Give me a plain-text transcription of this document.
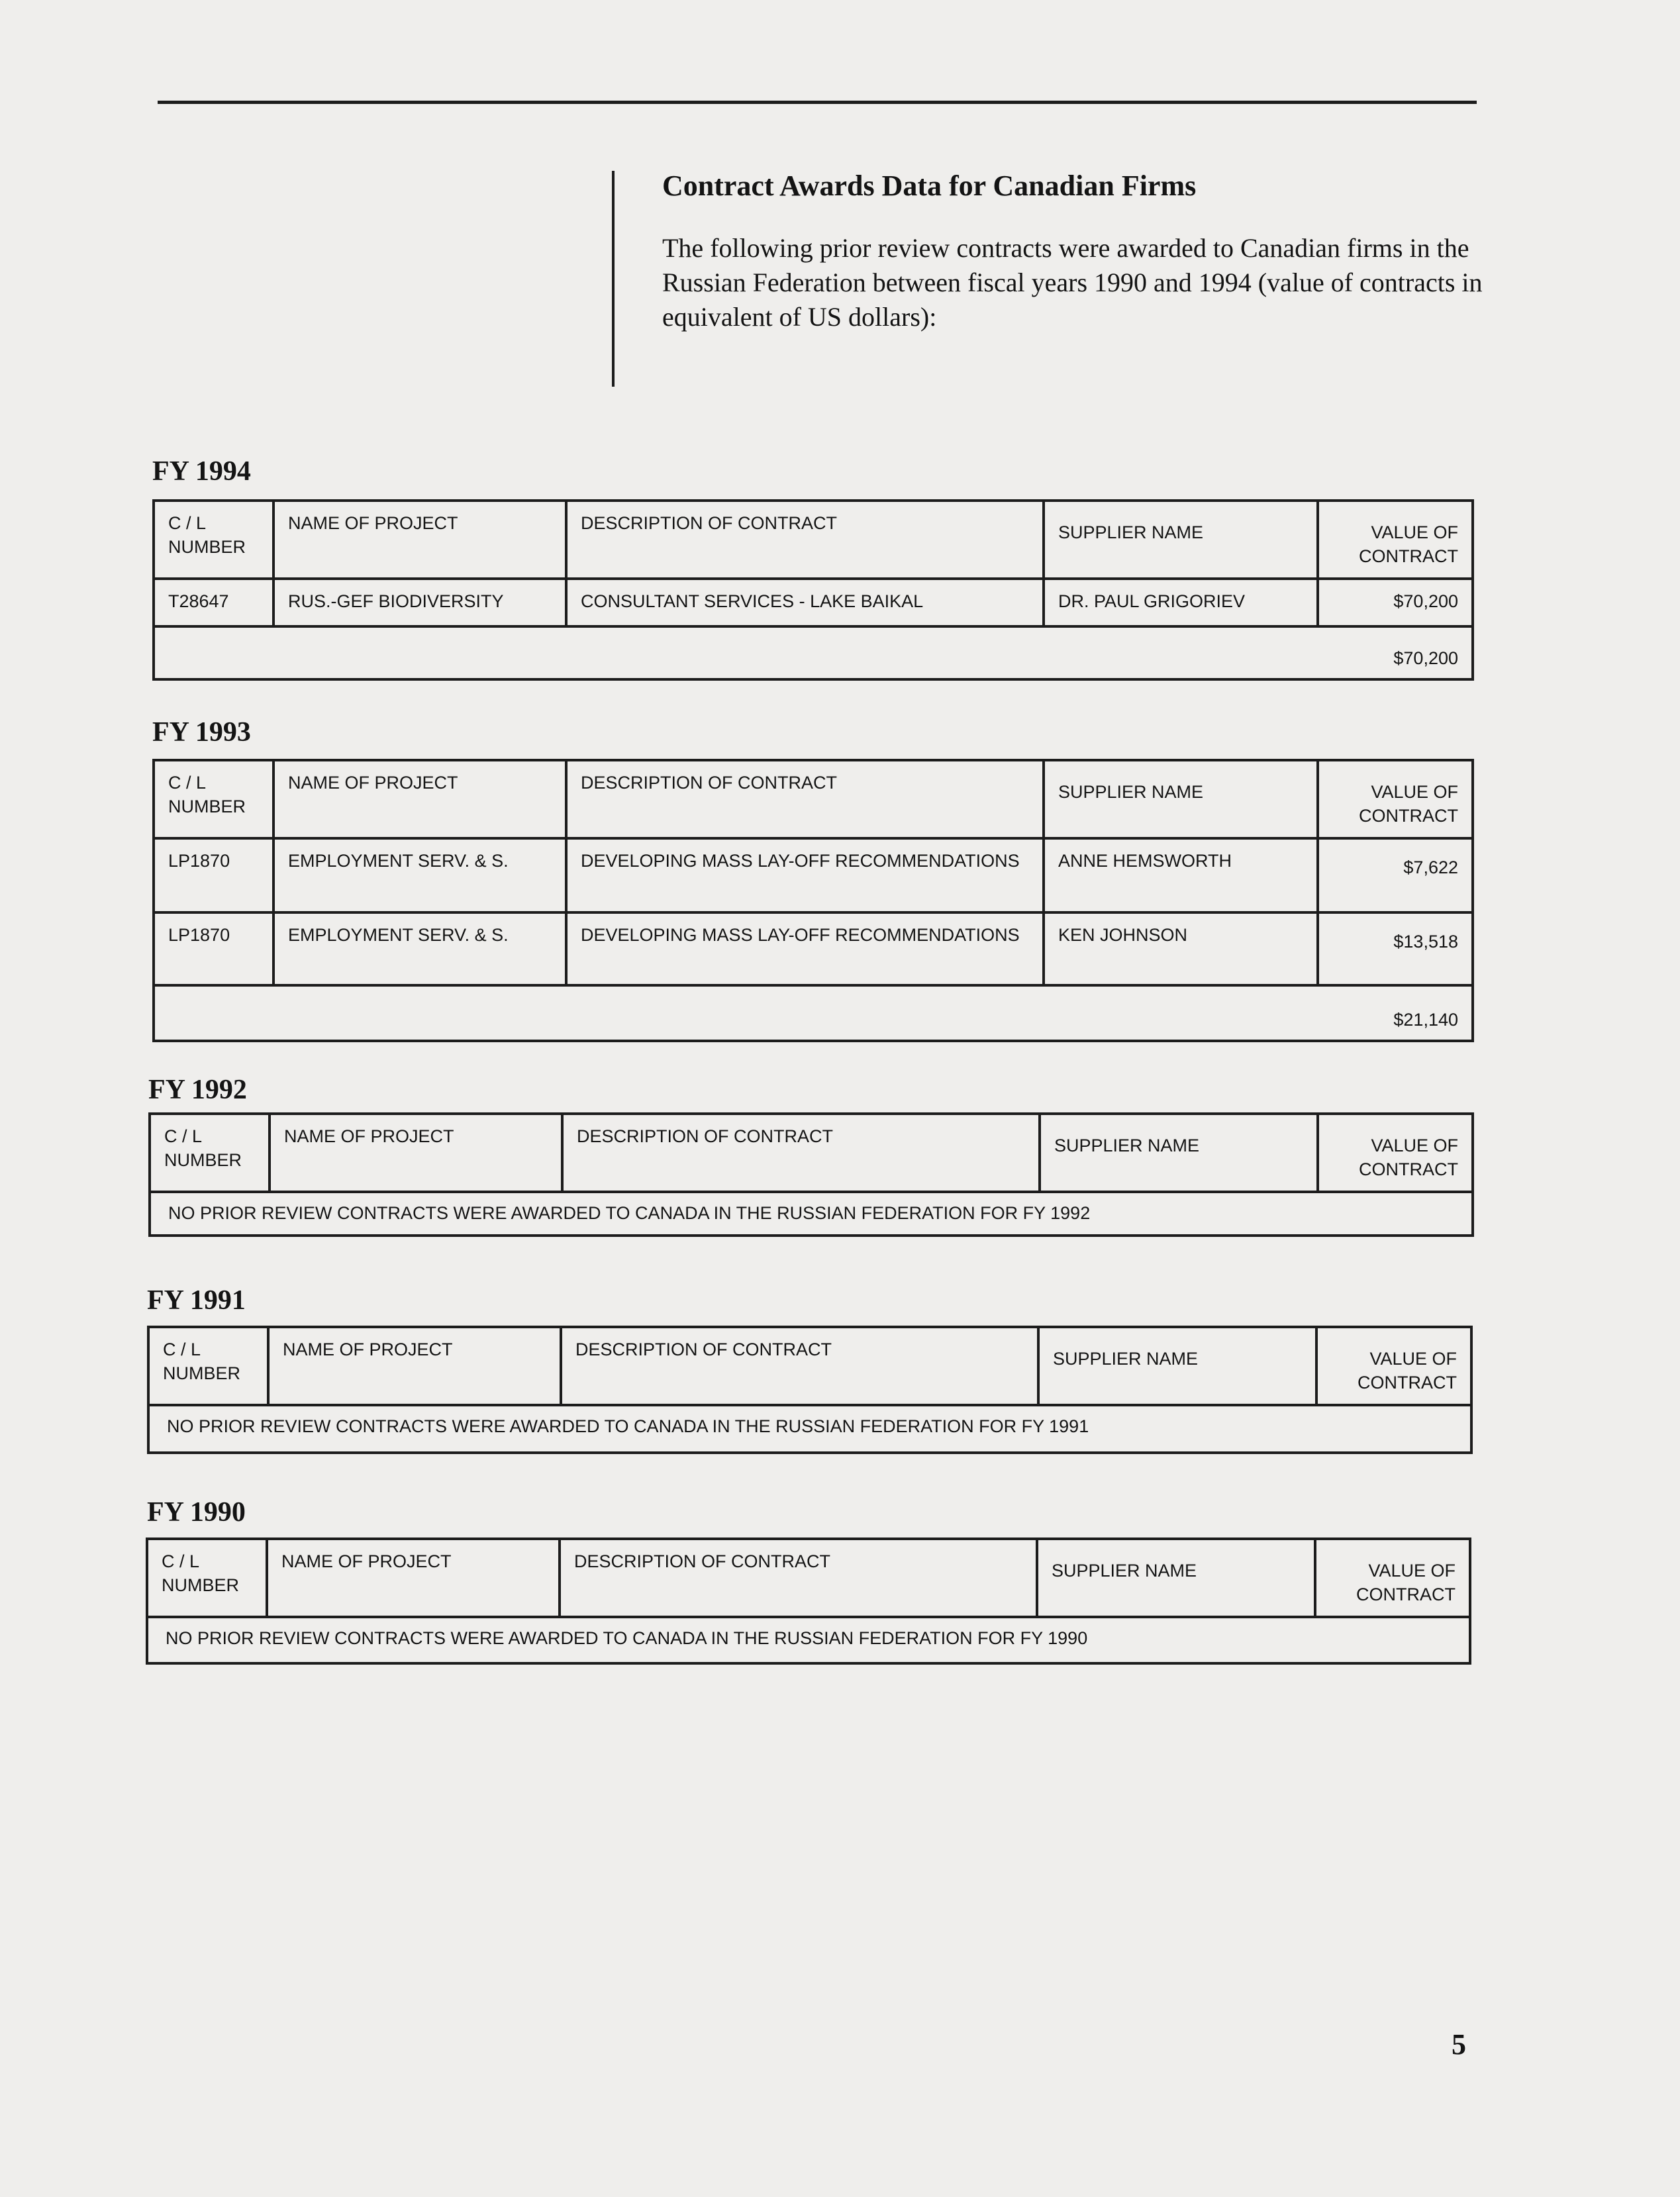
Contract Awards Data for Canadian Firms

The following prior review contracts were awarded to Canadian firms in the Russian Federation between fiscal years 1990 and 1994 (value of contracts in equivalent of US dollars):

FY 1994
C / L NUMBER	NAME OF PROJECT	DESCRIPTION OF CONTRACT	SUPPLIER NAME	VALUE OF CONTRACT
T28647	RUS.-GEF BIODIVERSITY	CONSULTANT SERVICES - LAKE BAIKAL	DR. PAUL GRIGORIEV	$70,200
$70,200				
FY 1993
C / L NUMBER	NAME OF PROJECT	DESCRIPTION OF CONTRACT	SUPPLIER NAME	VALUE OF CONTRACT
LP1870	EMPLOYMENT SERV. & S.	DEVELOPING MASS LAY-OFF RECOMMENDATIONS	ANNE HEMSWORTH	$7,622
LP1870	EMPLOYMENT SERV. & S.	DEVELOPING MASS LAY-OFF RECOMMENDATIONS	KEN JOHNSON	$13,518
$21,140				
FY 1992
C / L NUMBER	NAME OF PROJECT	DESCRIPTION OF CONTRACT	SUPPLIER NAME	VALUE OF CONTRACT
NO PRIOR REVIEW CONTRACTS WERE AWARDED TO CANADA IN THE RUSSIAN FEDERATION FOR FY 1992
FY 1991
C / L NUMBER	NAME OF PROJECT	DESCRIPTION OF CONTRACT	SUPPLIER NAME	VALUE OF CONTRACT
NO PRIOR REVIEW CONTRACTS WERE AWARDED TO CANADA IN THE RUSSIAN FEDERATION FOR FY 1991
FY 1990
C / L NUMBER	NAME OF PROJECT	DESCRIPTION OF CONTRACT	SUPPLIER NAME	VALUE OF CONTRACT
NO PRIOR REVIEW CONTRACTS WERE AWARDED TO CANADA IN THE RUSSIAN FEDERATION FOR FY 1990
5
